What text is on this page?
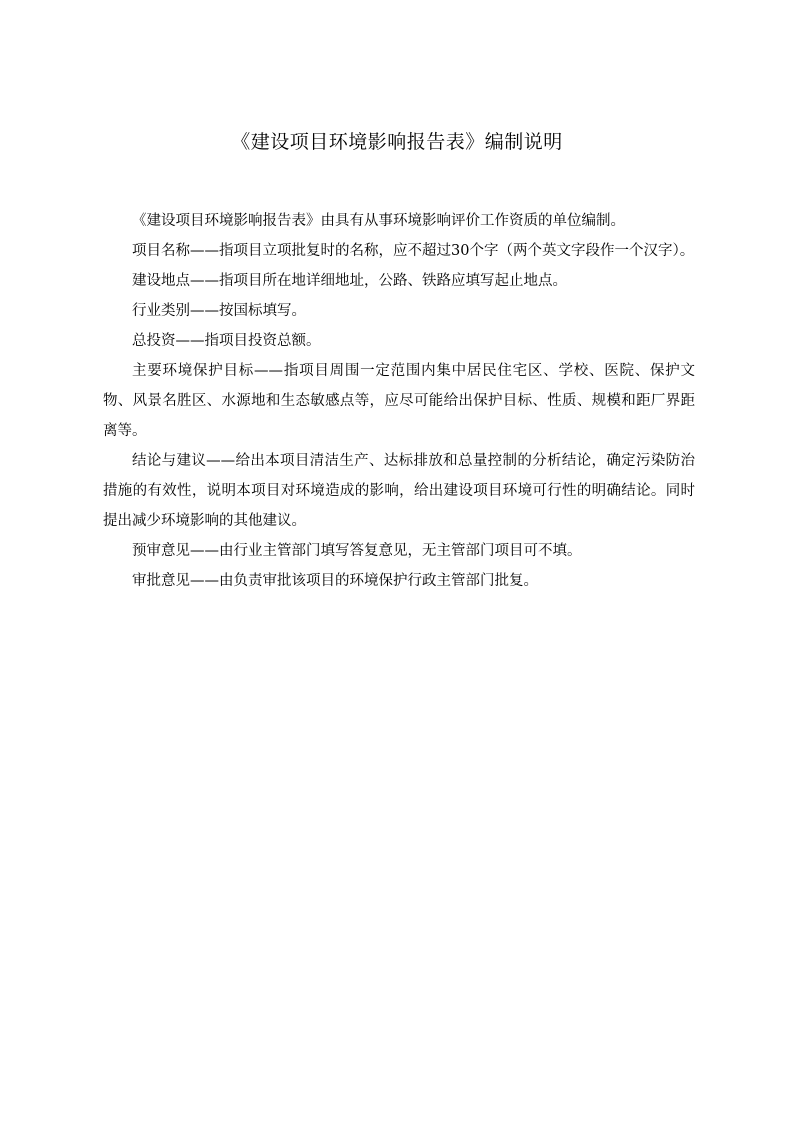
《建设项目环境影响报告表》编制说明

《建设项目环境影响报告表》由具有从事环境影响评价工作资质的单位编制。

项目名称——指项目立项批复时的名称，应不超过30个字（两个英文字段作一个汉字）。

建设地点——指项目所在地详细地址，公路、铁路应填写起止地点。

行业类别——按国标填写。

总投资——指项目投资总额。

主要环境保护目标——指项目周围一定范围内集中居民住宅区、学校、医院、保护文物、风景名胜区、水源地和生态敏感点等，应尽可能给出保护目标、性质、规模和距厂界距离等。

结论与建议——给出本项目清洁生产、达标排放和总量控制的分析结论，确定污染防治措施的有效性，说明本项目对环境造成的影响，给出建设项目环境可行性的明确结论。同时提出减少环境影响的其他建议。

预审意见——由行业主管部门填写答复意见，无主管部门项目可不填。

审批意见——由负责审批该项目的环境保护行政主管部门批复。
